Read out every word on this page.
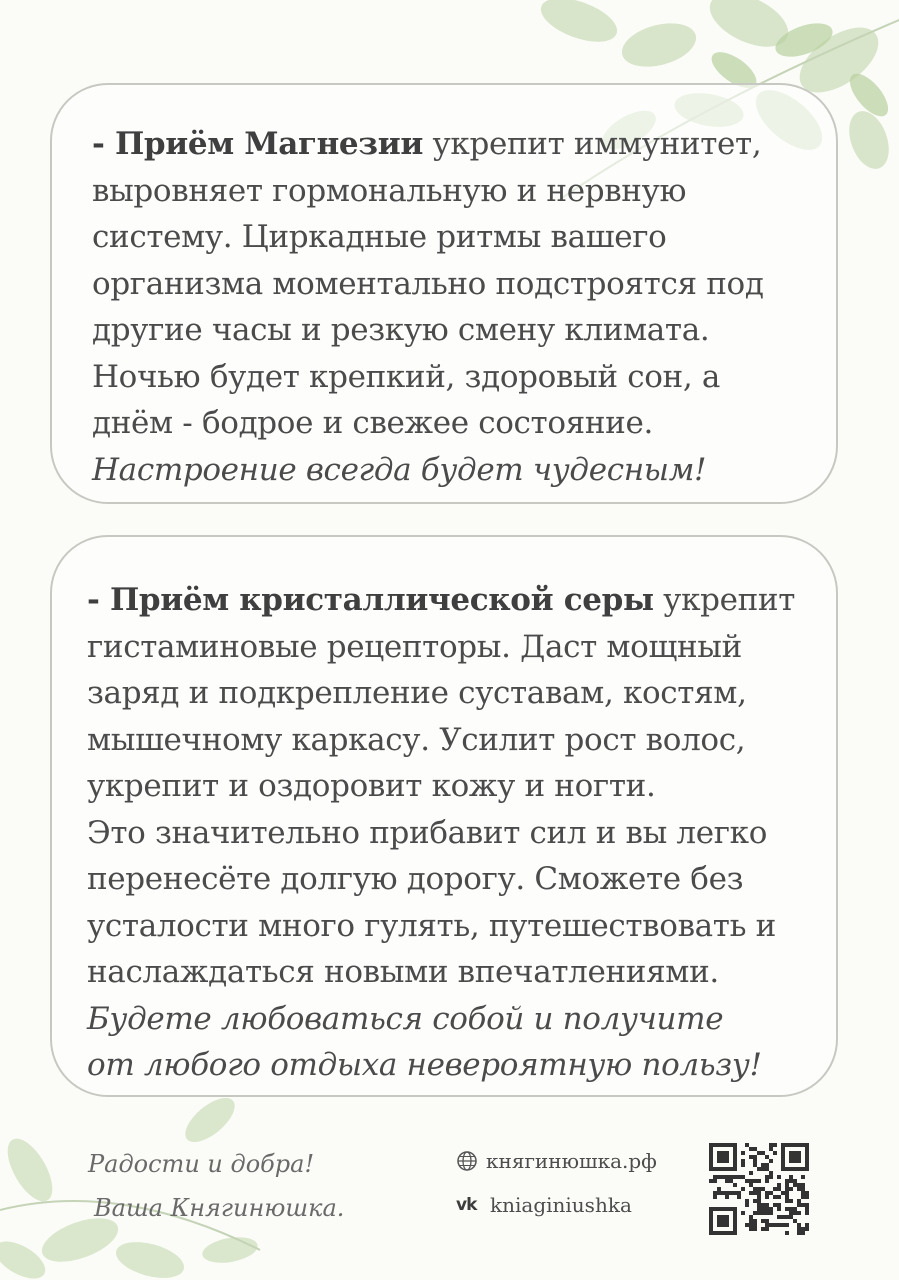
- Приём Магнезии укрепит иммунитет,

выровняет гормональную и нервную

систему. Циркадные ритмы вашего

организма моментально подстроятся под

другие часы и резкую смену климата.

Ночью будет крепкий, здоровый сон, а

днём - бодрое и свежее состояние.

Настроение всегда будет чудесным!

- Приём кристаллической серы укрепит

гистаминовые рецепторы. Даст мощный

заряд и подкрепление суставам, костям,

мышечному каркасу. Усилит рост волос,

укрепит и оздоровит кожу и ногти.

Это значительно прибавит сил и вы легко

перенесёте долгую дорогу. Сможете без

усталости много гулять, путешествовать и

наслаждаться новыми впечатлениями.

Будете любоваться собой и получите

от любого отдыха невероятную пользу!

Радости и добра!
Ваша Княгинюшка.
княгинюшка.рф
vk kniaginiushka
